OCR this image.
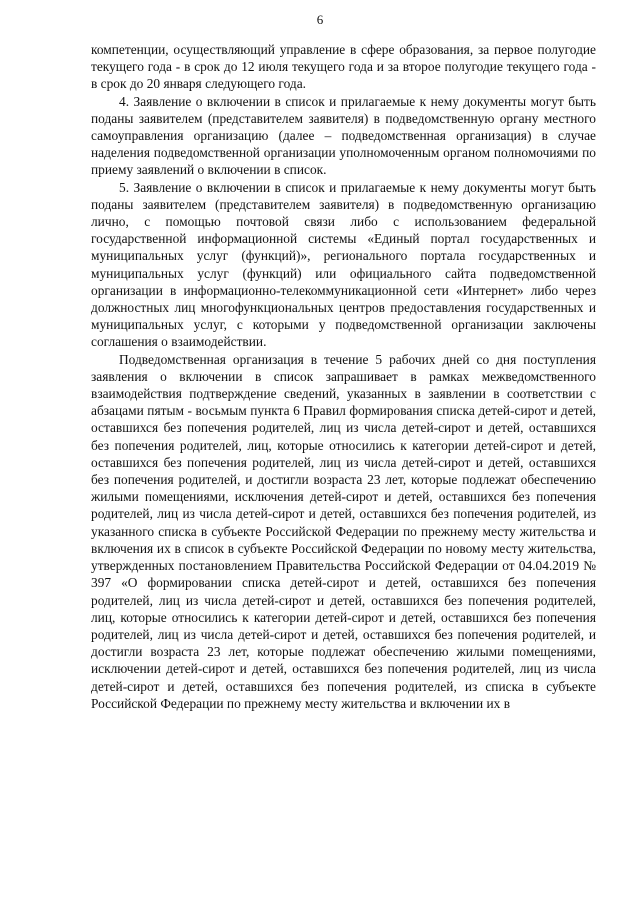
6

компетенции, осуществляющий управление в сфере образования, за первое полугодие текущего года - в срок до 12 июля текущего года и за второе полугодие текущего года - в срок до 20 января следующего года.

4. Заявление о включении в список и прилагаемые к нему документы могут быть поданы заявителем (представителем заявителя) в подведомственную органу местного самоуправления организацию (далее – подведомственная организация) в случае наделения подведомственной организации уполномоченным органом полномочиями по приему заявлений о включении в список.

5. Заявление о включении в список и прилагаемые к нему документы могут быть поданы заявителем (представителем заявителя) в подведомственную организацию лично, с помощью почтовой связи либо с использованием федеральной государственной информационной системы «Единый портал государственных и муниципальных услуг (функций)», регионального портала государственных и муниципальных услуг (функций) или официального сайта подведомственной организации в информационно-телекоммуникационной сети «Интернет» либо через должностных лиц многофункциональных центров предоставления государственных и муниципальных услуг, с которыми у подведомственной организации заключены соглашения о взаимодействии.

Подведомственная организация в течение 5 рабочих дней со дня поступления заявления о включении в список запрашивает в рамках межведомственного взаимодействия подтверждение сведений, указанных в заявлении в соответствии с абзацами пятым - восьмым пункта 6 Правил формирования списка детей-сирот и детей, оставшихся без попечения родителей, лиц из числа детей-сирот и детей, оставшихся без попечения родителей, лиц, которые относились к категории детей-сирот и детей, оставшихся без попечения родителей, лиц из числа детей-сирот и детей, оставшихся без попечения родителей, и достигли возраста 23 лет, которые подлежат обеспечению жилыми помещениями, исключения детей-сирот и детей, оставшихся без попечения родителей, лиц из числа детей-сирот и детей, оставшихся без попечения родителей, из указанного списка в субъекте Российской Федерации по прежнему месту жительства и включения их в список в субъекте Российской Федерации по новому месту жительства, утвержденных постановлением Правительства Российской Федерации от 04.04.2019 № 397 «О формировании списка детей-сирот и детей, оставшихся без попечения родителей, лиц из числа детей-сирот и детей, оставшихся без попечения родителей, лиц, которые относились к категории детей-сирот и детей, оставшихся без попечения родителей, лиц из числа детей-сирот и детей, оставшихся без попечения родителей, и достигли возраста 23 лет, которые подлежат обеспечению жилыми помещениями, исключении детей-сирот и детей, оставшихся без попечения родителей, лиц из числа детей-сирот и детей, оставшихся без попечения родителей, из списка в субъекте Российской Федерации по прежнему месту жительства и включении их в
